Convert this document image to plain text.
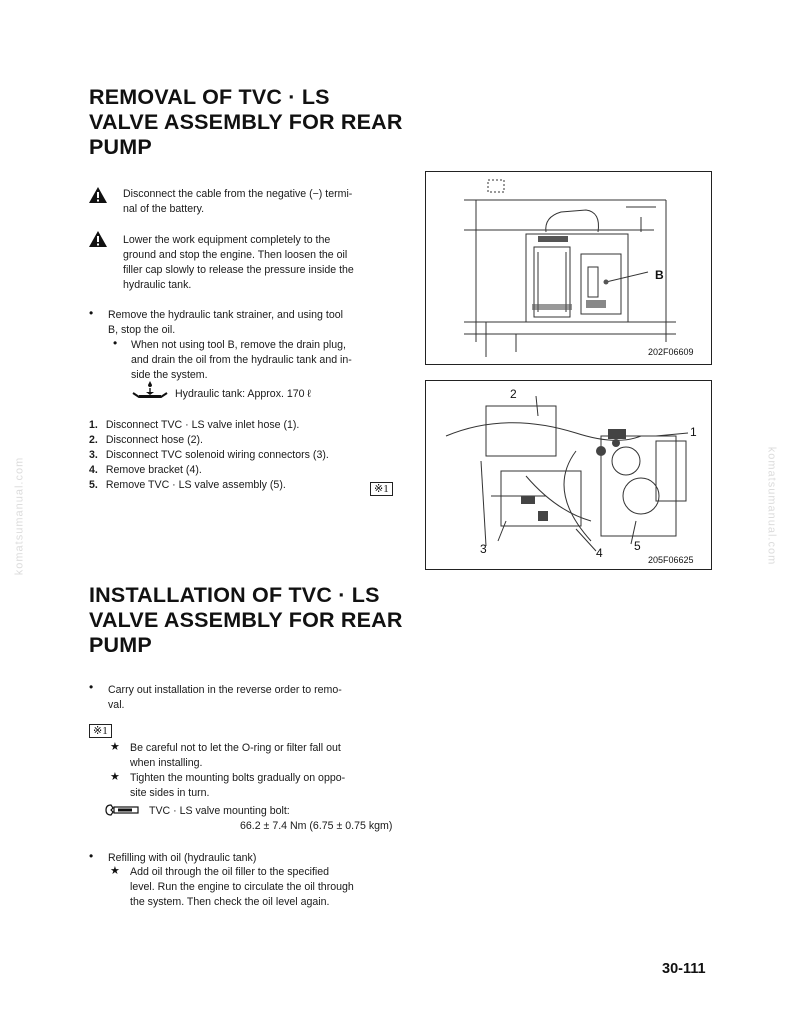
komatsumanual.com	komatsumanual.com
REMOVAL OF TVC · LS
VALVE ASSEMBLY FOR REAR
PUMP
Disconnect the cable from the negative (−) termi-
nal of the battery.
Lower the work equipment completely to the
ground and stop the engine. Then loosen the oil
filler cap slowly to release the pressure inside the
hydraulic tank.
• Remove the hydraulic tank strainer, and using tool
B, stop the oil.
• When not using tool B, remove the drain plug,
and drain the oil from the hydraulic tank and in-
side the system.
Hydraulic tank: Approx. 170 ℓ
1. Disconnect TVC · LS valve inlet hose (1).
2. Disconnect hose (2).
3. Disconnect TVC solenoid wiring connectors (3).
4. Remove bracket (4).
5. Remove TVC · LS valve assembly (5).	※1
B
202F06609
2
1
3	4	5
205F06625
INSTALLATION OF TVC · LS
VALVE ASSEMBLY FOR REAR
PUMP
• Carry out installation in the reverse order to remo-
val.
※1
★ Be careful not to let the O-ring or filter fall out
when installing.
★ Tighten the mounting bolts gradually on oppo-
site sides in turn.
TVC · LS valve mounting bolt:
66.2 ± 7.4 Nm (6.75 ± 0.75 kgm)
• Refilling with oil (hydraulic tank)
★ Add oil through the oil filler to the specified
level. Run the engine to circulate the oil through
the system. Then check the oil level again.
30-111
